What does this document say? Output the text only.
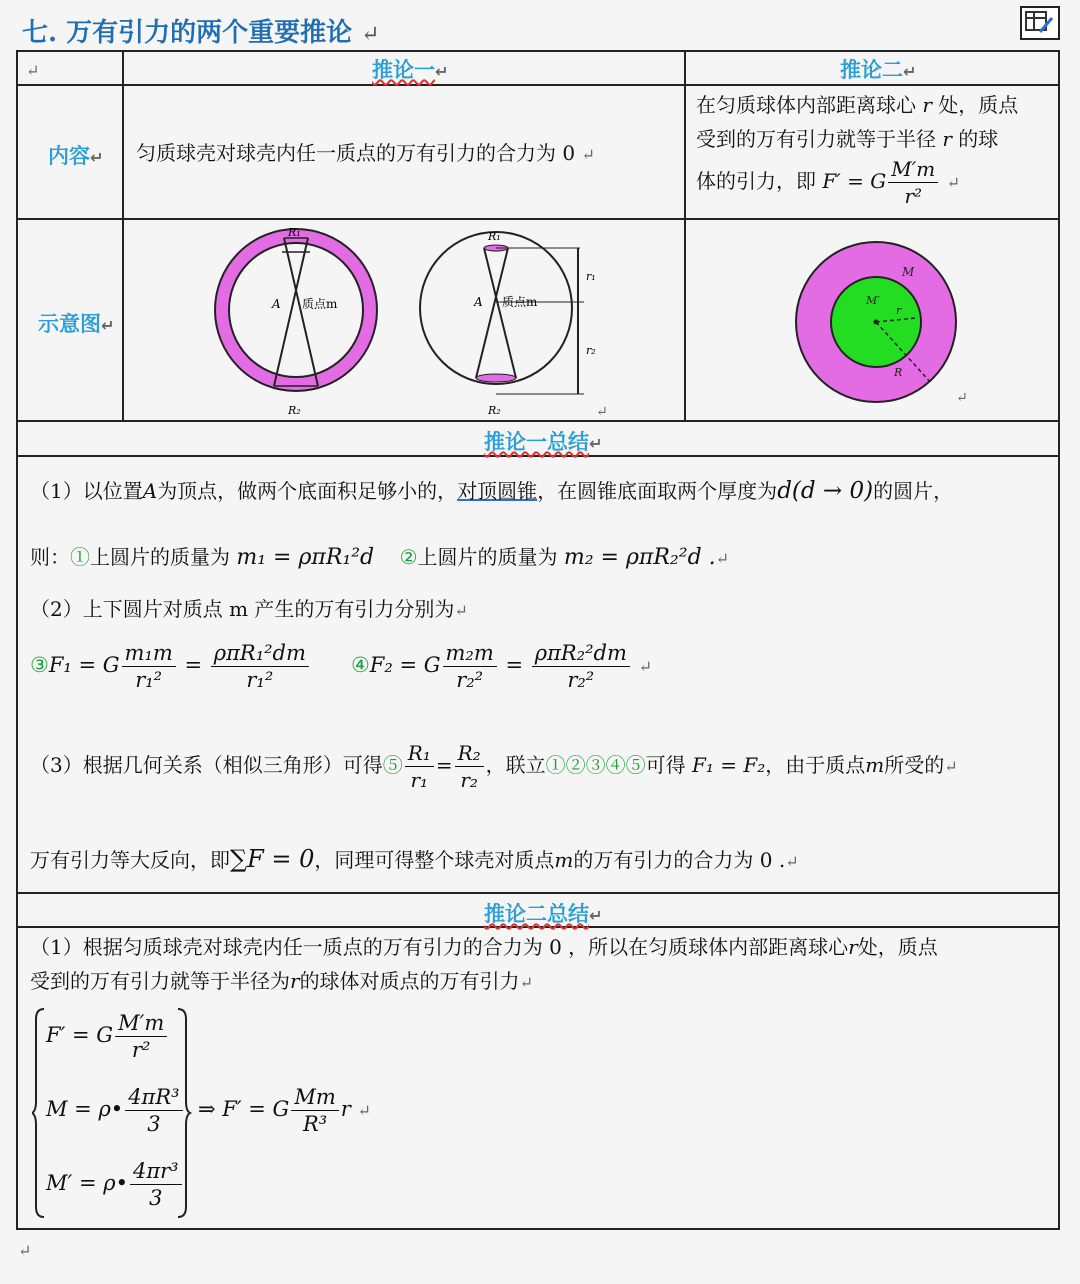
七. 万有引力的两个重要推论 ↵
↵	推论一↵	推论二↵
内容↵ 匀质球壳对球壳内任一质点的万有引力的合力为 0 ↵
在匀质球体内部距离球心 r 处，质点
受到的万有引力就等于半径 r 的球
体的引力，即 F′ = G $\frac{M'm}{\text{r²}}$ ↵
示意图↵
R₁
R₂
A 质点m
R₁
R₂
A 质点m
r₁
r₂
↵
M
M′
r
R
↵
推论一总结↵
（1）以位置A为顶点，做两个底面积足够小的，对顶圆锥，在圆锥底面取两个厚度为d(d → 0)的圆片，
则：①上圆片的质量为 m₁ = ρπR₁²d ②上圆片的质量为 m₂ = ρπR₂²d .↵
（2）上下圆片对质点 m 产生的万有引力分别为↵
③F₁ = G $\frac{\text{m₁m}}{\text{r₁²}} = \frac{\text{ρπR₁²dm}}{\text{r₁²}}$ ④F₂ = G $\frac{\text{m₂m}}{\text{r₂²}} = \frac{\text{ρπR₂²dm}}{\text{r₂²}}$ ↵
（3）根据几何关系（相似三角形）可得⑤ $\frac{\text{R₁}}{\text{r₁}} = \frac{\text{R₂}}{\text{r₂}}$ ，联立①②③④⑤可得 F₁ = F₂，由于质点m所受的↵
万有引力等大反向，即∑F = 0，同理可得整个球壳对质点m的万有引力的合力为 0 .↵
推论二总结↵
（1）根据匀质球壳对球壳内任一质点的万有引力的合力为 0 ，所以在匀质球体内部距离球心r处，质点
受到的万有引力就等于半径为r的球体对质点的万有引力↵
F′ = G $\frac{M'm}{\text{r²}}$
M = ρ• $\frac{\text{4πR³}}{3}$
M′ = ρ• $\frac{\text{4πr³}}{3}$
⇒ F′ = G $\frac{Mm}{\text{R³}}$ r ↵
↵
